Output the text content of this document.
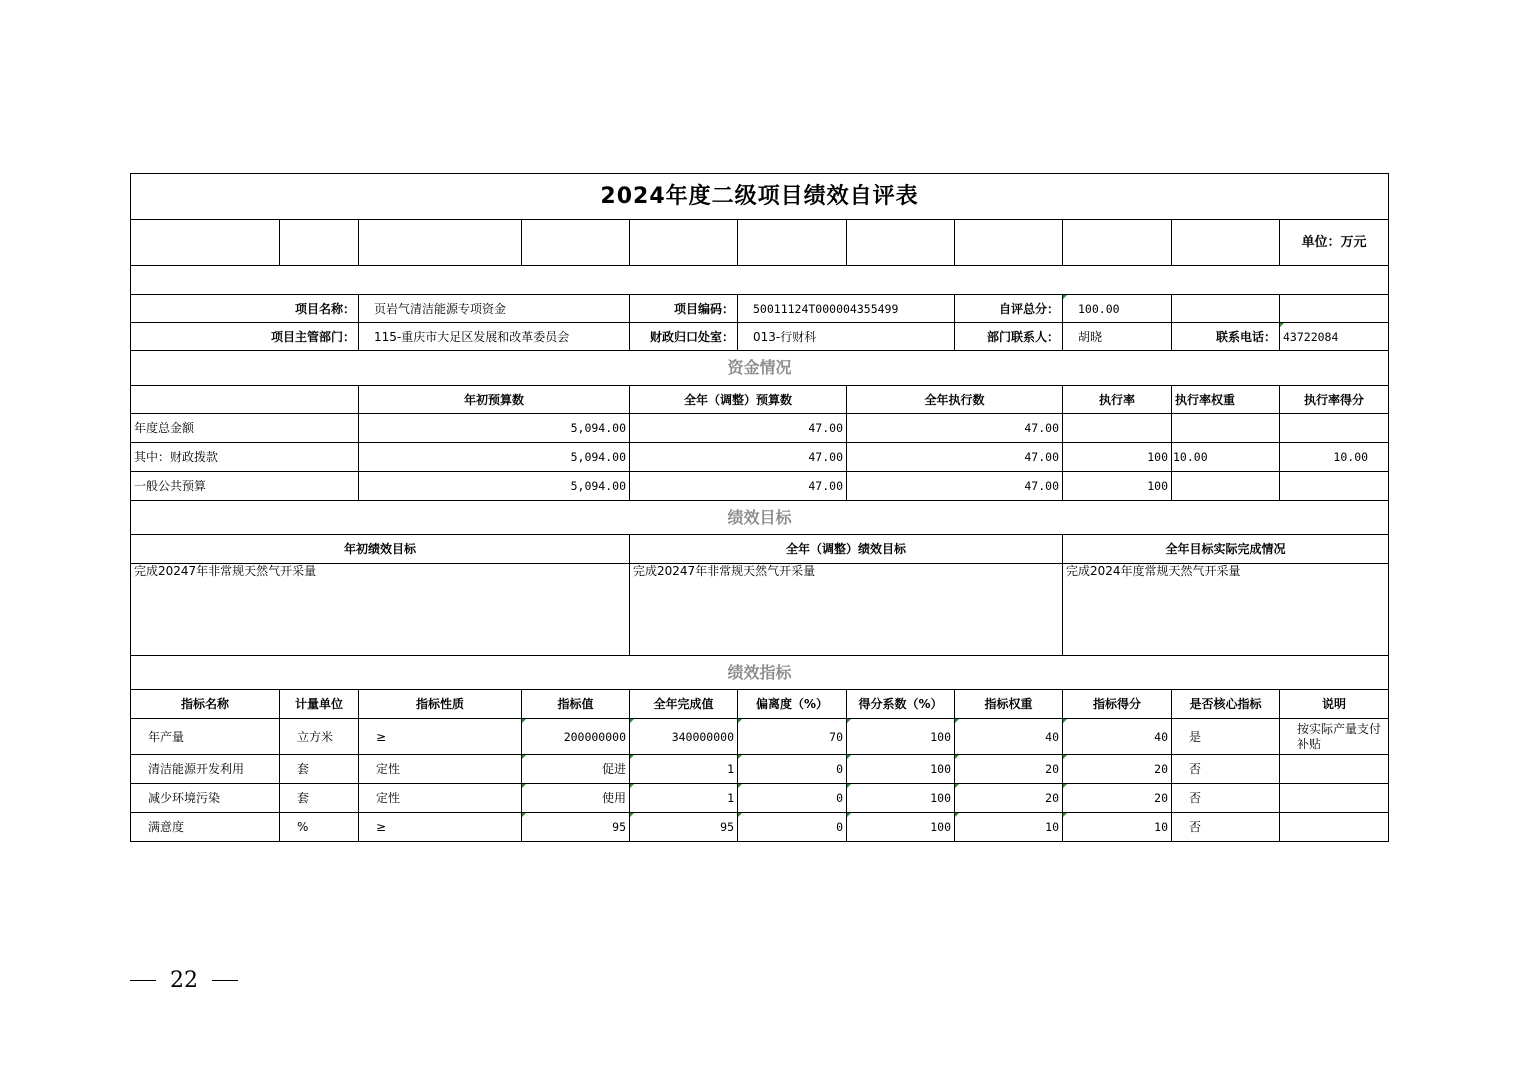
2024年度二级项目绩效自评表										
										单位：万元

项目名称：		页岩气清洁能源专项资金		项目编码：	50011124T000004355499		自评总分：	100.00		
项目主管部门：		115-重庆市大足区发展和改革委员会		财政归口处室：	013-行财科		部门联系人：	胡晓	联系电话：	43722084
资金情况										
		年初预算数		全年（调整）预算数		全年执行数		执行率	执行率权重	执行率得分
年度总金额		5,094.00		47.00		47.00				
其中：财政拨款		5,094.00		47.00		47.00		100	10.00	10.00
一般公共预算		5,094.00		47.00		47.00		100		
绩效目标										
年初绩效目标				全年（调整）绩效目标				全年目标实际完成情况		
完成20247年非常规天然气开采量				完成20247年非常规天然气开采量				完成2024年度常规天然气开采量		
绩效指标										
指标名称	计量单位	指标性质	指标值	全年完成值	偏离度（%）	得分系数（%）	指标权重	指标得分	是否核心指标	说明
年产量	立方米	≥	200000000	340000000	70	100	40	40	是	按实际产量支付补贴
清洁能源开发利用	套	定性	促进	1	0	100	20	20	否	
减少环境污染	套	定性	使用	1	0	100	20	20	否	
满意度	%	≥	95	95	0	100	10	10	否	
22
